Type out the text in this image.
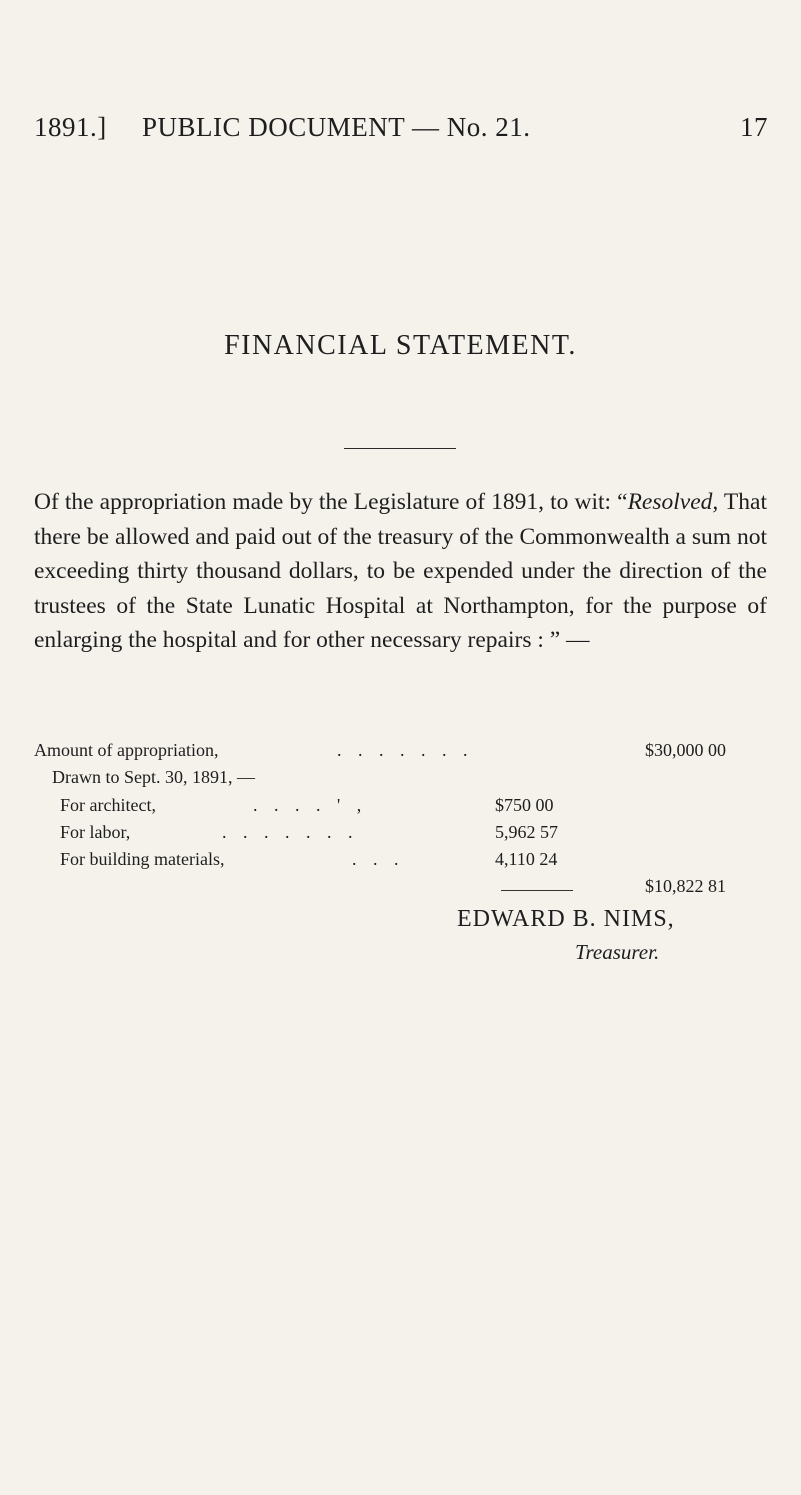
1891.] PUBLIC DOCUMENT — No. 21.	17
FINANCIAL STATEMENT.
Of the appropriation made by the Legislature of 1891, to wit: “Resolved, That there be allowed and paid out of the treasury of the Commonwealth a sum not exceeding thirty thousand dollars, to be expended under the direction of the trustees of the State Lunatic Hospital at Northampton, for the purpose of enlarging the hospital and for other necessary repairs : ” —
Amount of appropriation,	. . . . . . .	$30,000 00
Drawn to Sept. 30, 1891, —
For architect,	. . . . ' ,	$750 00
For labor,	. . . . . . .	5,962 57
For building materials,	. . .	4,110 24
$10,822 81
EDWARD B. NIMS,
Treasurer.
